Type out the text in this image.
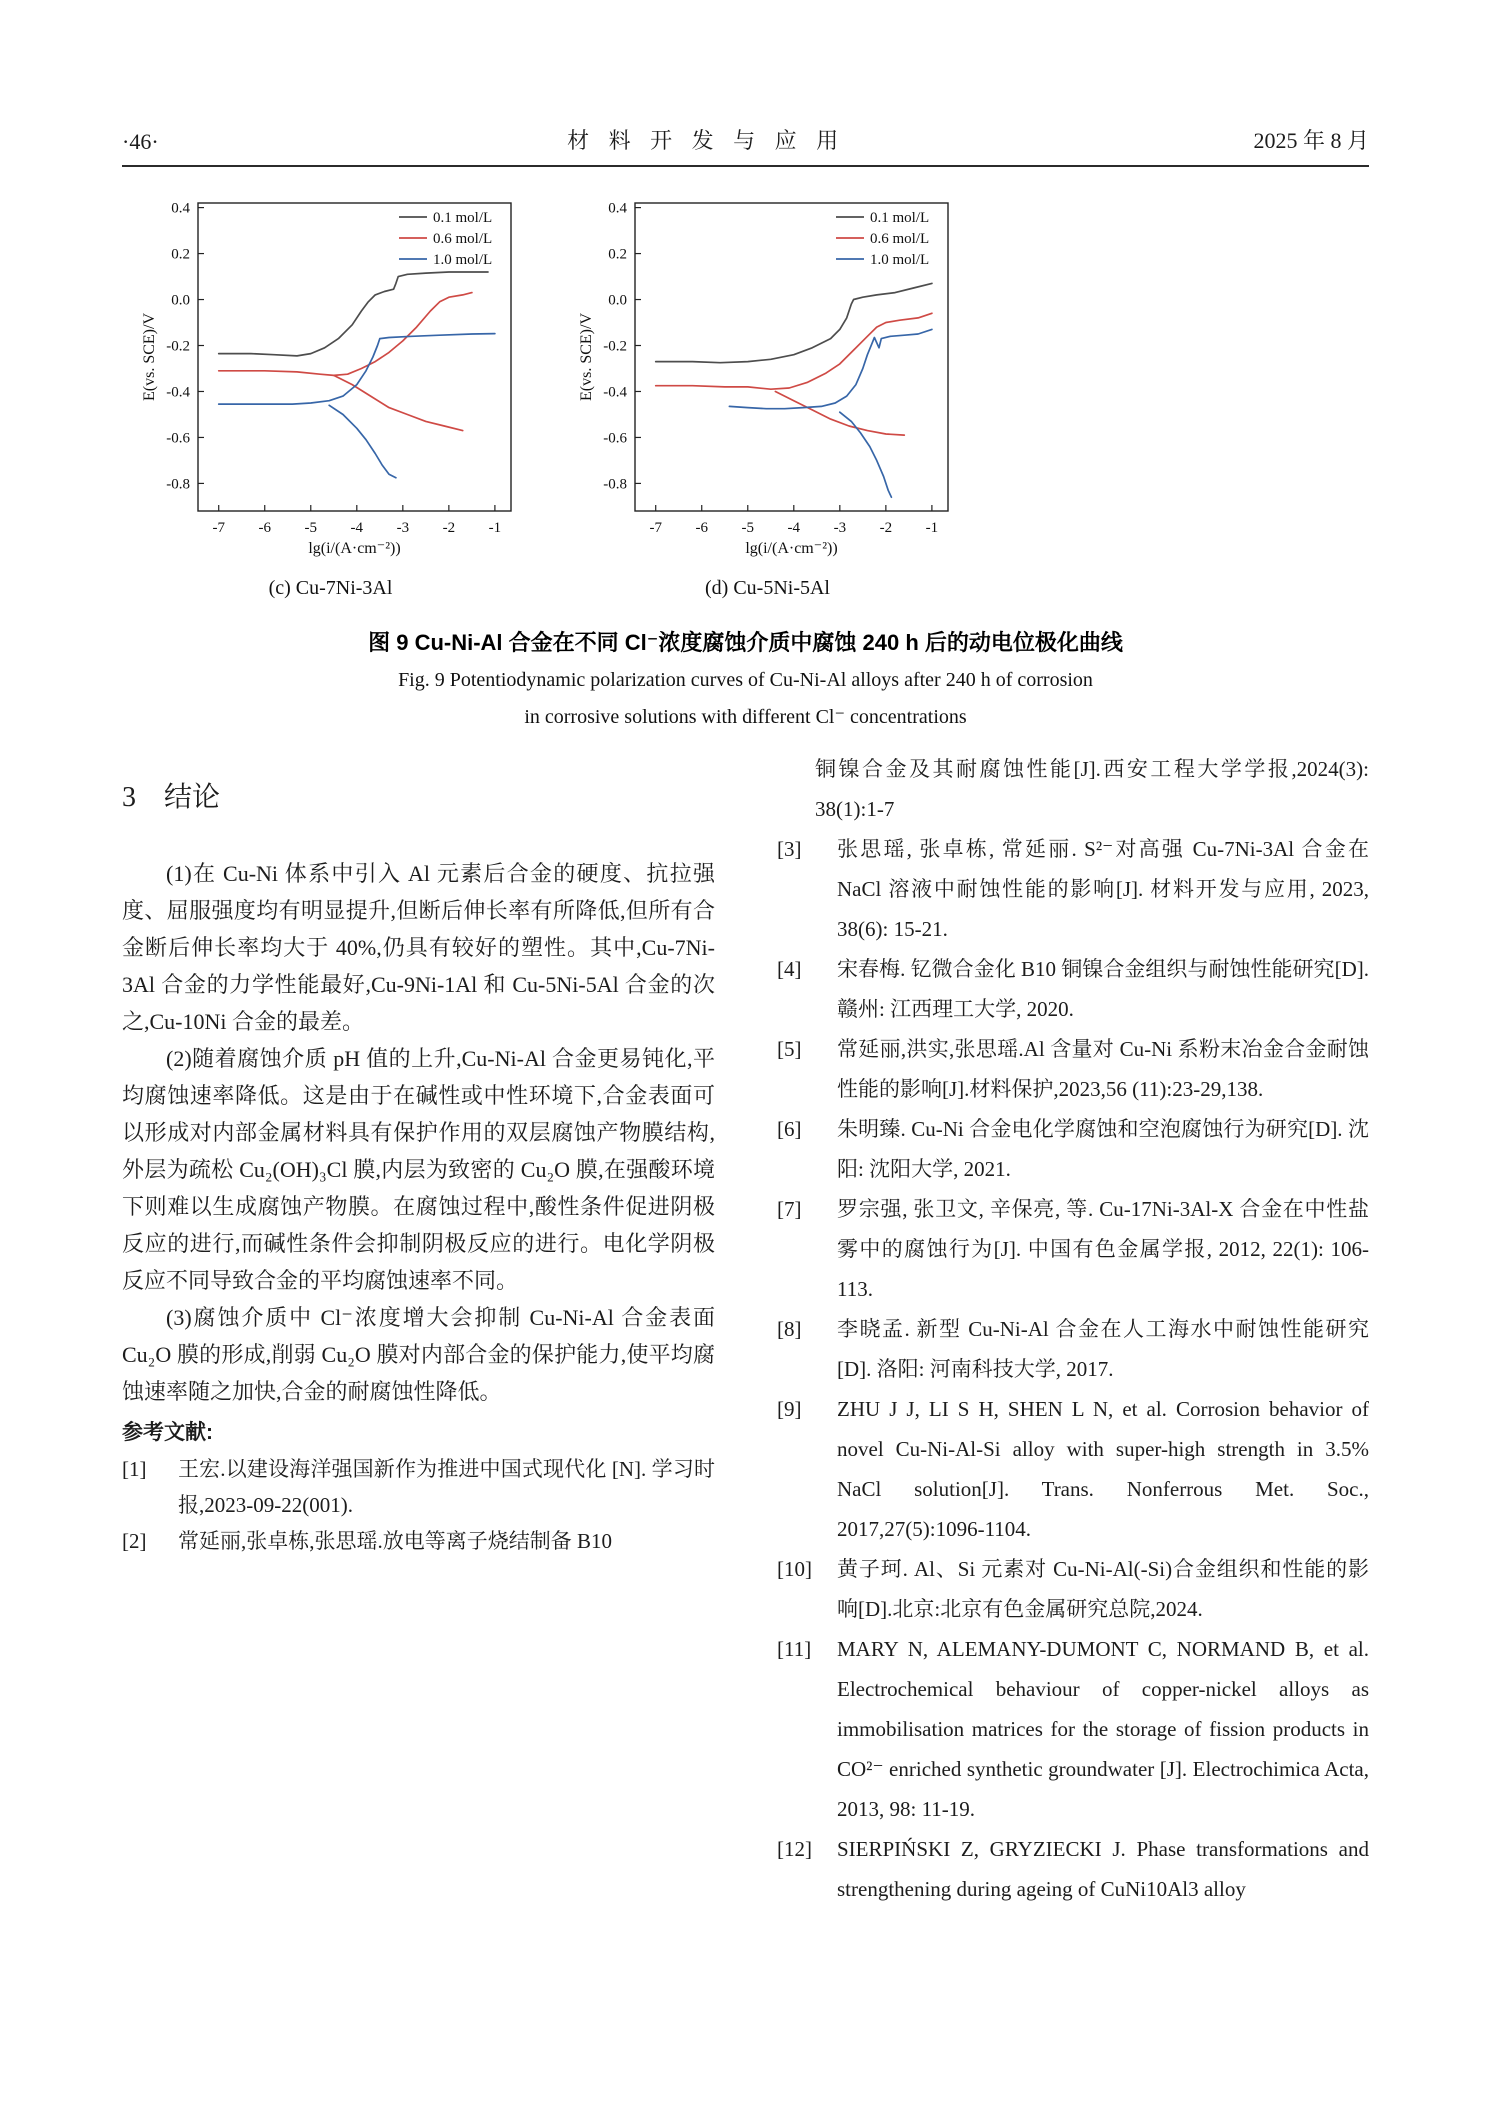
·46·	材 料 开 发 与 应 用	2025 年 8 月
-7 -6 -5 -4 -3 -2 -1
0.4
0.2
0.0
-0.2
-0.4
-0.6
-0.8
lg(i/(A·cm⁻²))
E(vs. SCE)/V
0.1 mol/L
0.6 mol/L
1.0 mol/L
(c) Cu-7Ni-3Al
-7 -6 -5 -4 -3 -2 -1
0.4
0.2
0.0
-0.2
-0.4
-0.6
-0.8
lg(i/(A·cm⁻²))
E(vs. SCE)/V
0.1 mol/L
0.6 mol/L
1.0 mol/L
(d) Cu-5Ni-5Al
图 9 Cu-Ni-Al 合金在不同 Cl⁻浓度腐蚀介质中腐蚀 240 h 后的动电位极化曲线
Fig. 9 Potentiodynamic polarization curves of Cu-Ni-Al alloys after 240 h of corrosion
in corrosive solutions with different Cl⁻ concentrations
3    结论

(1)在 Cu-Ni 体系中引入 Al 元素后合金的硬度、抗拉强度、屈服强度均有明显提升,但断后伸长率有所降低,但所有合金断后伸长率均大于 40%,仍具有较好的塑性。其中,Cu-7Ni-3Al 合金的力学性能最好,Cu-9Ni-1Al 和 Cu-5Ni-5Al 合金的次之,Cu-10Ni 合金的最差。

(2)随着腐蚀介质 pH 值的上升,Cu-Ni-Al 合金更易钝化,平均腐蚀速率降低。这是由于在碱性或中性环境下,合金表面可以形成对内部金属材料具有保护作用的双层腐蚀产物膜结构,外层为疏松 Cu₂(OH)₃Cl 膜,内层为致密的 Cu₂O 膜,在强酸环境下则难以生成腐蚀产物膜。在腐蚀过程中,酸性条件促进阴极反应的进行,而碱性条件会抑制阴极反应的进行。电化学阴极反应不同导致合金的平均腐蚀速率不同。

(3)腐蚀介质中 Cl⁻浓度增大会抑制 Cu-Ni-Al 合金表面 Cu₂O 膜的形成,削弱 Cu₂O 膜对内部合金的保护能力,使平均腐蚀速率随之加快,合金的耐腐蚀性降低。

参考文献:
[1]	王宏.以建设海洋强国新作为推进中国式现代化 [N]. 学习时报,2023-09-22(001).
[2]	常延丽,张卓栋,张思瑶.放电等离子烧结制备 B10
铜镍合金及其耐腐蚀性能[J].西安工程大学学报,2024(3): 38(1):1-7
[3]	张思瑶, 张卓栋, 常延丽. S²⁻对高强 Cu-7Ni-3Al 合金在 NaCl 溶液中耐蚀性能的影响[J]. 材料开发与应用, 2023, 38(6): 15-21.
[4]	宋春梅. 钇微合金化 B10 铜镍合金组织与耐蚀性能研究[D]. 赣州: 江西理工大学, 2020.
[5]	常延丽,洪实,张思瑶.Al 含量对 Cu-Ni 系粉末冶金合金耐蚀性能的影响[J].材料保护,2023,56 (11):23-29,138.
[6]	朱明臻. Cu-Ni 合金电化学腐蚀和空泡腐蚀行为研究[D]. 沈阳: 沈阳大学, 2021.
[7]	罗宗强, 张卫文, 辛保亮, 等. Cu-17Ni-3Al-X 合金在中性盐雾中的腐蚀行为[J]. 中国有色金属学报, 2012, 22(1): 106-113.
[8]	李晓孟. 新型 Cu-Ni-Al 合金在人工海水中耐蚀性能研究[D]. 洛阳: 河南科技大学, 2017.
[9]	ZHU J J, LI S H, SHEN L N, et al. Corrosion behavior of novel Cu-Ni-Al-Si alloy with super-high strength in 3.5% NaCl solution[J]. Trans. Nonferrous Met. Soc., 2017,27(5):1096-1104.
[10]	黄子珂. Al、Si 元素对 Cu-Ni-Al(-Si)合金组织和性能的影响[D].北京:北京有色金属研究总院,2024.
[11]	MARY N, ALEMANY-DUMONT C, NORMAND B, et al. Electrochemical behaviour of copper-nickel alloys as immobilisation matrices for the storage of fission products in CO²⁻ enriched synthetic groundwater [J]. Electrochimica Acta, 2013, 98: 11-19.
[12]	SIERPIŃSKI Z, GRYZIECKI J. Phase transformations and strengthening during ageing of CuNi10Al3 alloy
